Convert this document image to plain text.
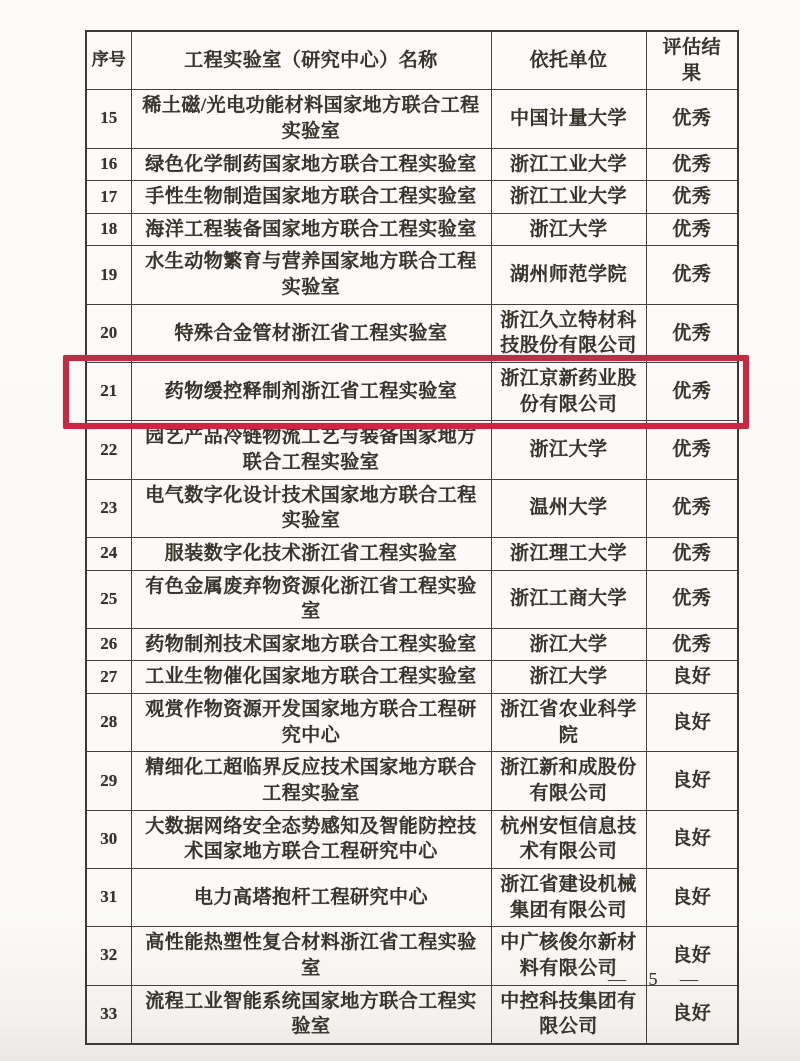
序号	工程实验室（研究中心）名称	依托单位	评估结果
15	稀土磁/光电功能材料国家地方联合工程实验室	中国计量大学	优秀
16	绿色化学制药国家地方联合工程实验室	浙江工业大学	优秀
17	手性生物制造国家地方联合工程实验室	浙江工业大学	优秀
18	海洋工程装备国家地方联合工程实验室	浙江大学	优秀
19	水生动物繁育与营养国家地方联合工程实验室	湖州师范学院	优秀
20	特殊合金管材浙江省工程实验室	浙江久立特材科技股份有限公司	优秀
21	药物缓控释制剂浙江省工程实验室	浙江京新药业股份有限公司	优秀
22	园艺产品冷链物流工艺与装备国家地方联合工程实验室	浙江大学	优秀
23	电气数字化设计技术国家地方联合工程实验室	温州大学	优秀
24	服装数字化技术浙江省工程实验室	浙江理工大学	优秀
25	有色金属废弃物资源化浙江省工程实验室	浙江工商大学	优秀
26	药物制剂技术国家地方联合工程实验室	浙江大学	优秀
27	工业生物催化国家地方联合工程实验室	浙江大学	良好
28	观赏作物资源开发国家地方联合工程研究中心	浙江省农业科学院	良好
29	精细化工超临界反应技术国家地方联合工程实验室	浙江新和成股份有限公司	良好
30	大数据网络安全态势感知及智能防控技术国家地方联合工程研究中心	杭州安恒信息技术有限公司	良好
31	电力高塔抱杆工程研究中心	浙江省建设机械集团有限公司	良好
32	高性能热塑性复合材料浙江省工程实验室	中广核俊尔新材料有限公司	良好
33	流程工业智能系统国家地方联合工程实验室	中控科技集团有限公司	良好
— 5 —
